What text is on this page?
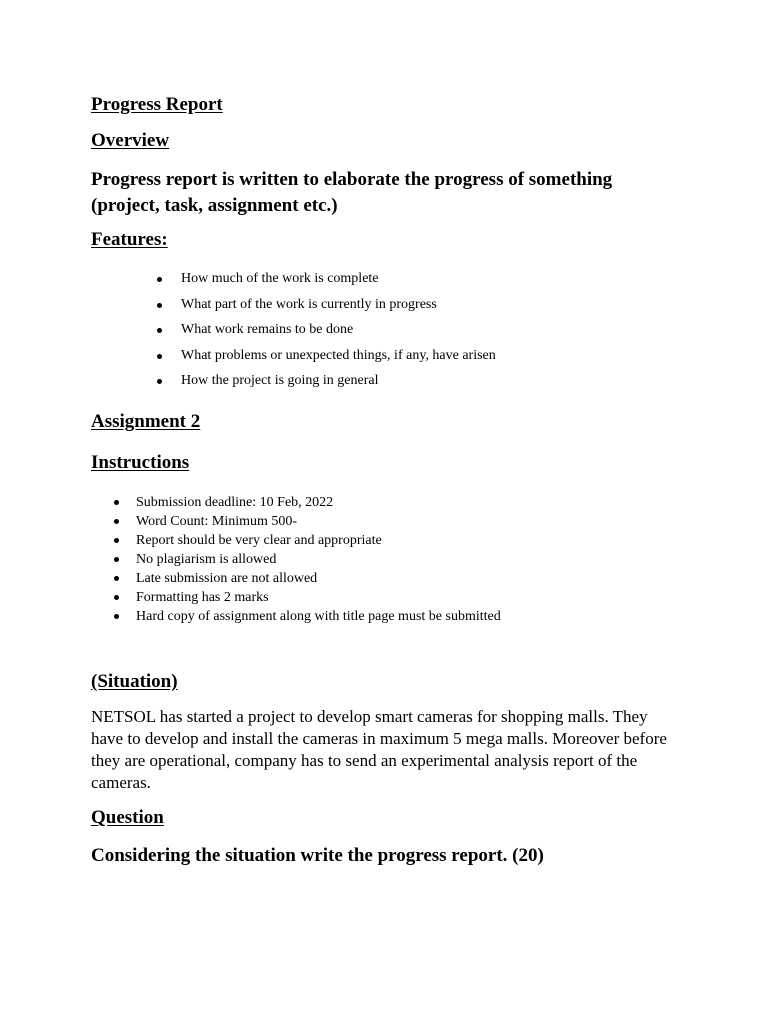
Progress Report
Overview
Progress report is written to elaborate the progress of something (project, task, assignment etc.)
Features:
How much of the work is complete
What part of the work is currently in progress
What work remains to be done
What problems or unexpected things, if any, have arisen
How the project is going in general
Assignment 2
Instructions
Submission deadline: 10 Feb, 2022
Word Count: Minimum 500-
Report should be very clear and appropriate
No plagiarism is allowed
Late submission are not allowed
Formatting has 2 marks
Hard copy of assignment along with title page must be submitted
(Situation)
NETSOL has started a project to develop smart cameras for shopping malls. They have to develop and install the cameras in maximum 5 mega malls. Moreover before they are operational, company has to send an experimental analysis report of the cameras.
Question
Considering the situation write the progress report. (20)
